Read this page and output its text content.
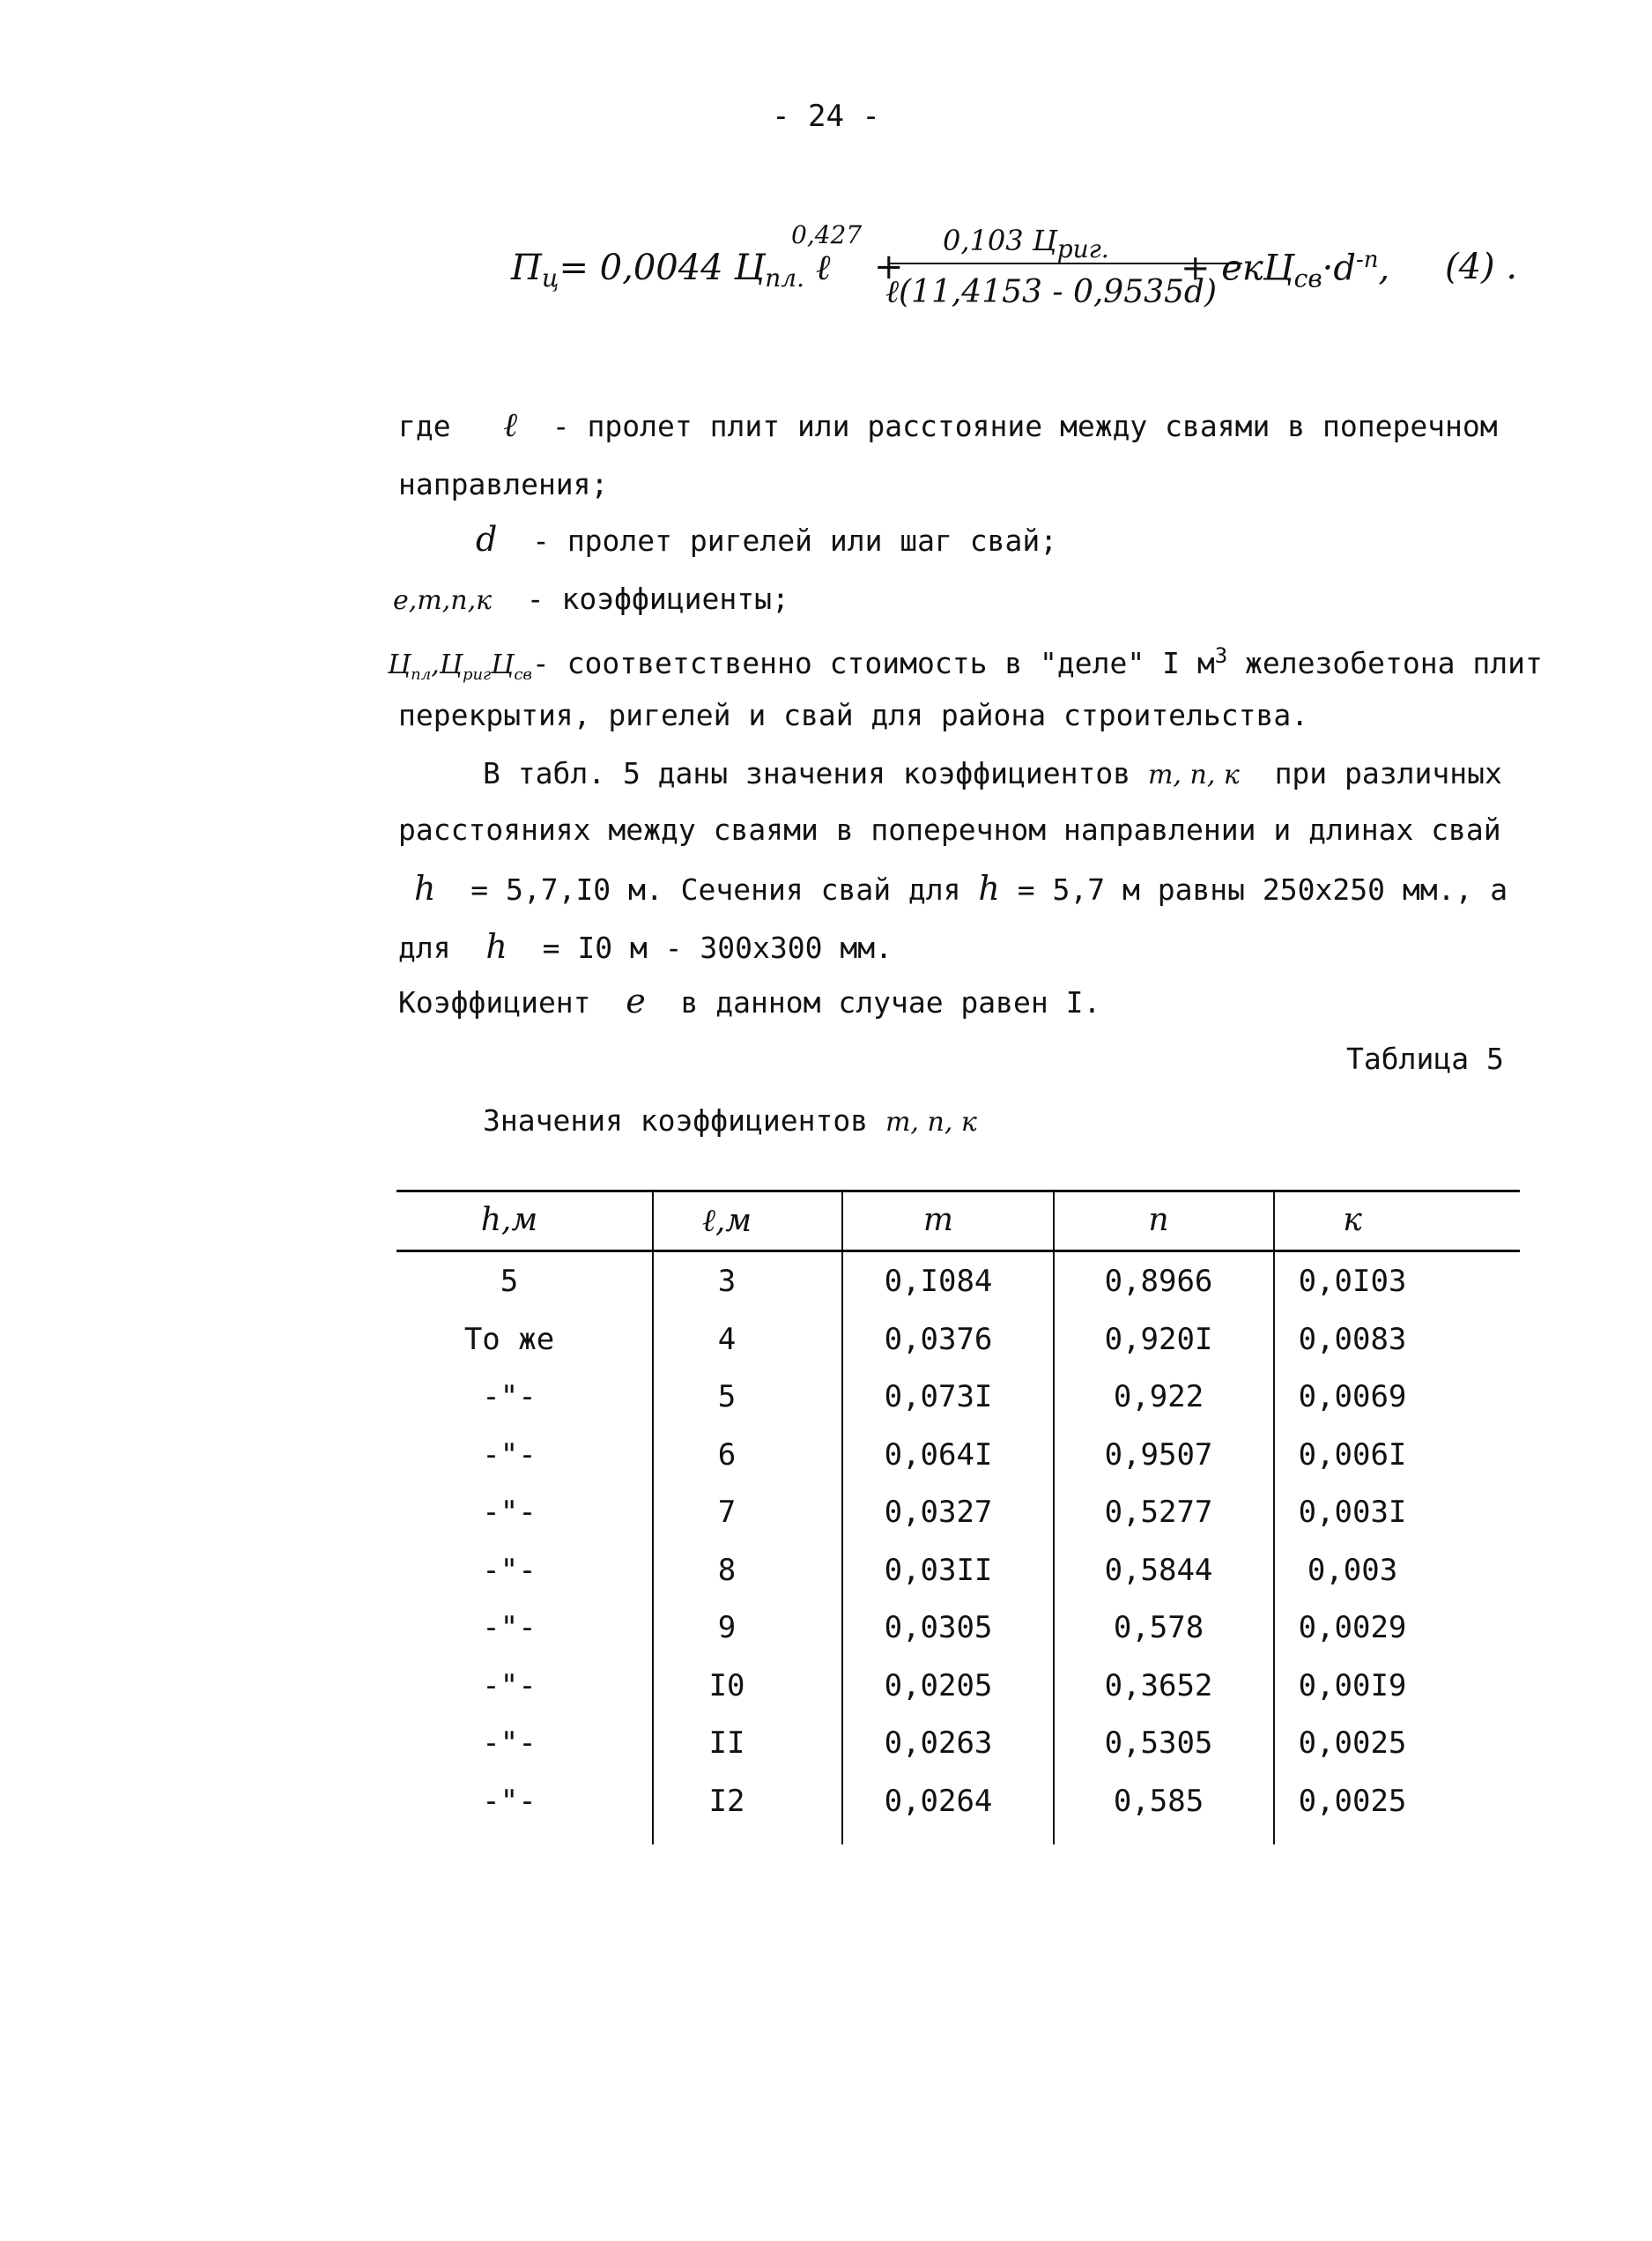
- 24 -
$П_ц= 0,0044$ $Ц_{пл.}$ ℓ
0,427
+
0,103 Цриг.
ℓ(11,4153 - 0,9535d)
+ $екЦ_{св}\cdot d^{-n}$, (4) .
где ℓ - пролет плит или расстояние между сваями в поперечном
направления;
d - пролет ригелей или шаг свай;
e,m,n,к - коэффициенты;
$Ц_{пл},Ц_{риг}Ц_{св}-$ соответственно стоимость в "деле" I $м^3$ железобетона плит
перекрытия, ригелей и свай для района строительства.
В табл. 5 даны значения коэффициентов m, n, к при различных
расстояниях между сваями в поперечном направлении и длинах свай
h = 5,7,I0 м. Сечения свай для h = 5,7 м равны 250х250 мм., а
для h = I0 м - 300х300 мм.
Коэффициент e в данном случае равен I.
Таблица 5
Значения коэффициентов m, n, к
h,м	ℓ,м	m	n	к
5	3	0,I084	0,8966	0,0I03
То же	4	0,0376	0,920I	0,0083
-"-	5	0,073I	0,922	0,0069
-"-	6	0,064I	0,9507	0,006I
-"-	7	0,0327	0,5277	0,003I
-"-	8	0,03II	0,5844	0,003
-"-	9	0,0305	0,578	0,0029
-"-	I0	0,0205	0,3652	0,00I9
-"-	II	0,0263	0,5305	0,0025
-"-	I2	0,0264	0,585	0,0025
